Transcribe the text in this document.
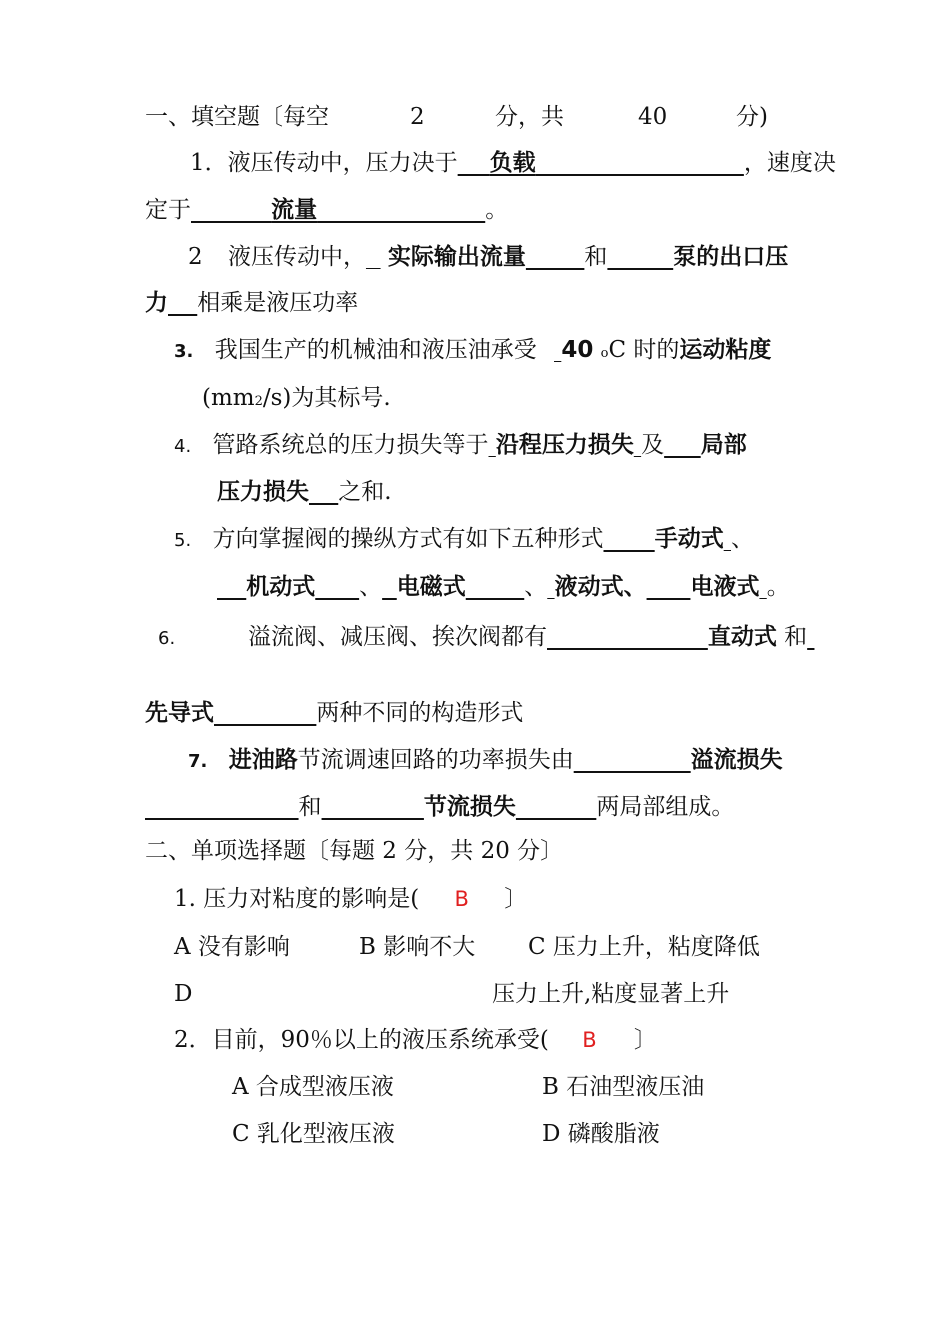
一、填空题〔每空	2	分，共	40	分)
1．液压传动中，压力决于 负载	，速度决
定于	流量	。
2 液压传动中， 实际输出流量	和	泵的出口压
力 相乘是液压功率
3. 我国生产的机械油和液压油承受 40 oC 时的运动粘度
(mm2/s)为其标号.
4. 管路系统总的压力损失等于 沿程压力损失 及 局部
压力损失 之和.
5. 方向掌握阀的操纵方式有如下五种形式 手动式 、
机动式 、 电磁式	、 液动式、 电液式 。
6.	溢流阀、减压阀、挨次阀都有	直动式 和
先导式	两种不同的构造形式
7. 进油路节流调速回路的功率损失由	溢流损失
和	节流损失	两局部组成。
二、单项选择题〔每题 2 分，共 20 分〕
1. 压力对粘度的影响是( B 〕
A 没有影响	B 影响不大 C 压力上升，粘度降低
D	压力上升,粘度显著上升
2．目前，90％以上的液压系统承受( B 〕
A 合成型液压液	B 石油型液压油
C 乳化型液压液	D 磷酸脂液
